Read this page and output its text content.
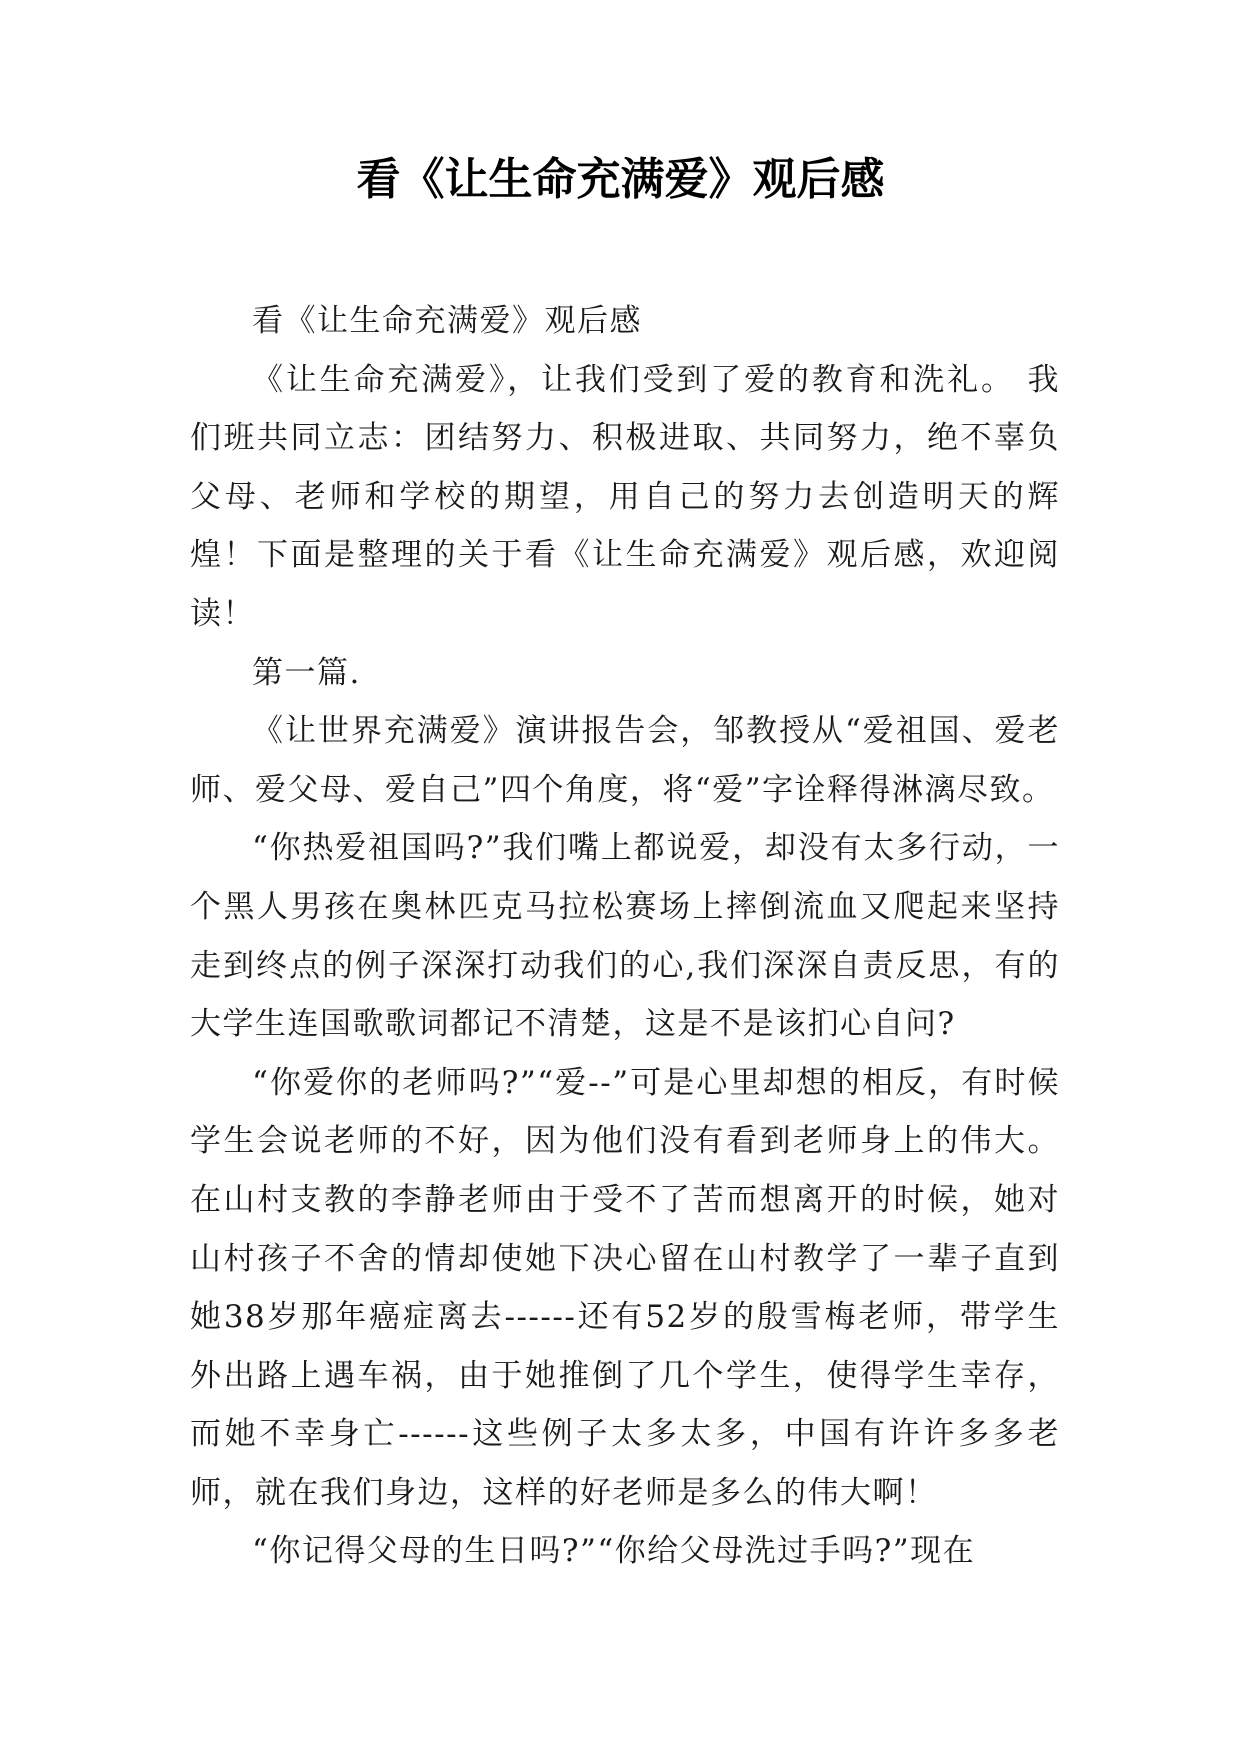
看《让生命充满爱》观后感

看《让生命充满爱》观后感

《让生命充满爱》，让我们受到了爱的教育和洗礼。 我们班共同立志：团结努力、积极进取、共同努力，绝不辜负父母、老师和学校的期望，用自己的努力去创造明天的辉煌！下面是整理的关于看《让生命充满爱》观后感，欢迎阅读！

第一篇.

《让世界充满爱》演讲报告会，邹教授从“爱祖国、爱老师、爱父母、爱自己”四个角度，将“爱”字诠释得淋漓尽致。

“你热爱祖国吗?”我们嘴上都说爱，却没有太多行动，一个黑人男孩在奥林匹克马拉松赛场上摔倒流血又爬起来坚持走到终点的例子深深打动我们的心,我们深深自责反思，有的大学生连国歌歌词都记不清楚，这是不是该扪心自问?

“你爱你的老师吗?”“爱--”可是心里却想的相反，有时候学生会说老师的不好，因为他们没有看到老师身上的伟大。在山村支教的李静老师由于受不了苦而想离开的时候，她对山村孩子不舍的情却使她下决心留在山村教学了一辈子直到她38岁那年癌症离去------还有52岁的殷雪梅老师，带学生外出路上遇车祸，由于她推倒了几个学生，使得学生幸存，而她不幸身亡------这些例子太多太多，中国有许许多多老师，就在我们身边，这样的好老师是多么的伟大啊！

“你记得父母的生日吗?”“你给父母洗过手吗?”现在
